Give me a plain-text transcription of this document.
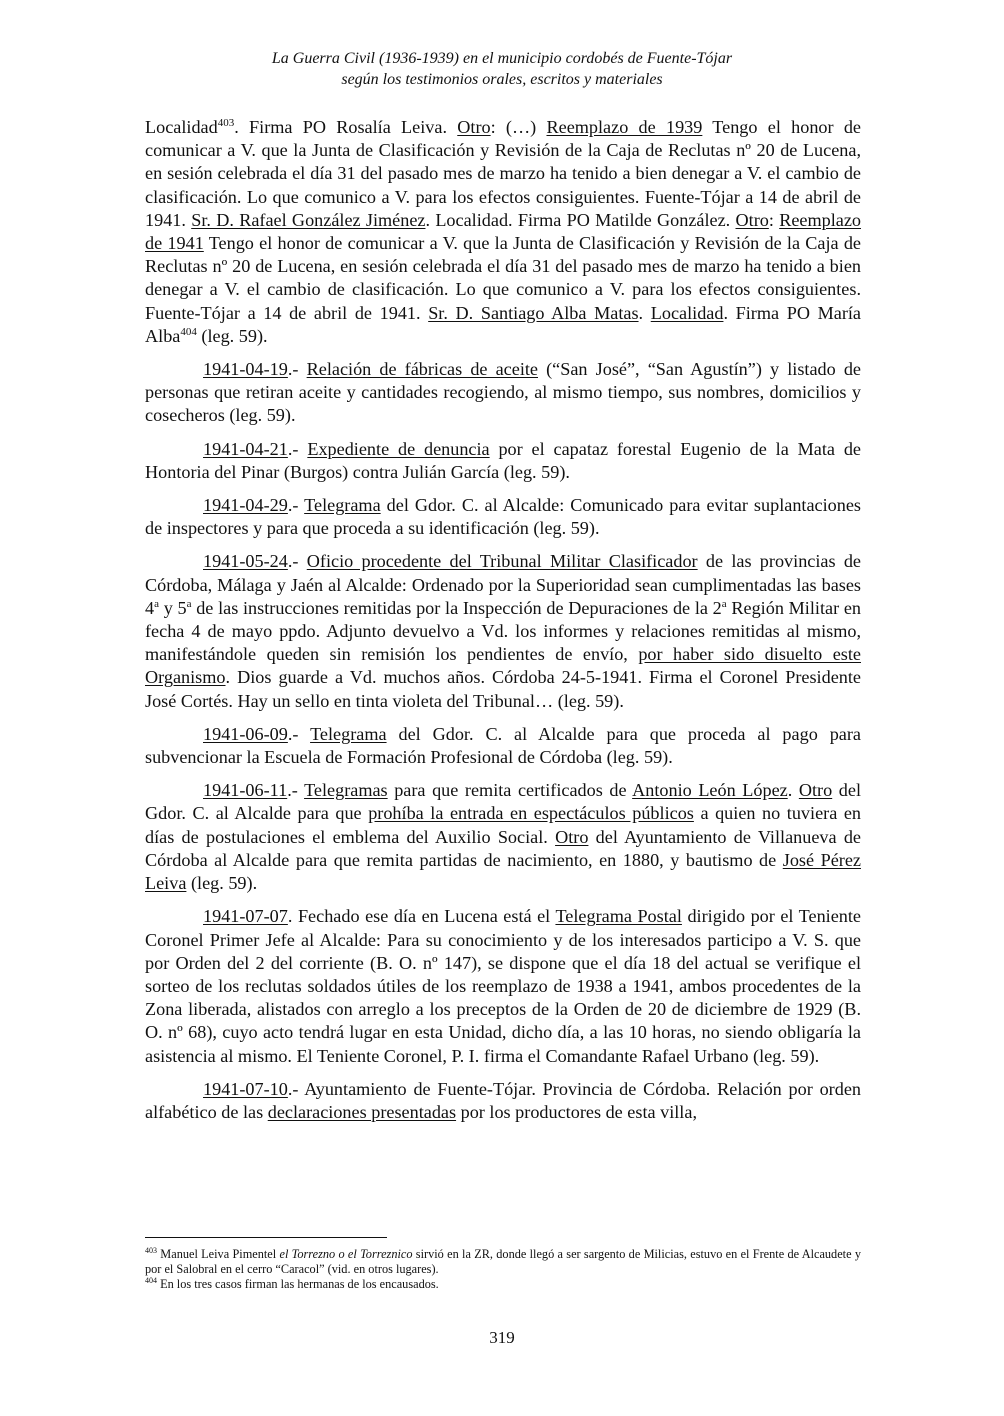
La Guerra Civil (1936-1939) en el municipio cordobés de Fuente-Tójar
según los testimonios orales, escritos y materiales

Localidad$^{403}$. Firma PO Rosalía Leiva. Otro: (…) Reemplazo de 1939 Tengo el honor de comunicar a V. que la Junta de Clasificación y Revisión de la Caja de Reclutas nº 20 de Lucena, en sesión celebrada el día 31 del pasado mes de marzo ha tenido a bien denegar a V. el cambio de clasificación. Lo que comunico a V. para los efectos consiguientes. Fuente-Tójar a 14 de abril de 1941. Sr. D. Rafael González Jiménez. Localidad. Firma PO Matilde González. Otro: Reemplazo de 1941 Tengo el honor de comunicar a V. que la Junta de Clasificación y Revisión de la Caja de Reclutas nº 20 de Lucena, en sesión celebrada el día 31 del pasado mes de marzo ha tenido a bien denegar a V. el cambio de clasificación. Lo que comunico a V. para los efectos consiguientes. Fuente-Tójar a 14 de abril de 1941. Sr. D. Santiago Alba Matas. Localidad. Firma PO María Alba$^{404}$ (leg. 59).

1941-04-19.- Relación de fábricas de aceite (“San José”, “San Agustín”) y listado de personas que retiran aceite y cantidades recogiendo, al mismo tiempo, sus nombres, domicilios y cosecheros (leg. 59).

1941-04-21.- Expediente de denuncia por el capataz forestal Eugenio de la Mata de Hontoria del Pinar (Burgos) contra Julián García (leg. 59).

1941-04-29.- Telegrama del Gdor. C. al Alcalde: Comunicado para evitar suplantaciones de inspectores y para que proceda a su identificación (leg. 59).

1941-05-24.- Oficio procedente del Tribunal Militar Clasificador de las provincias de Córdoba, Málaga y Jaén al Alcalde: Ordenado por la Superioridad sean cumplimentadas las bases 4$^a$ y 5$^a$ de las instrucciones remitidas por la Inspección de Depuraciones de la 2$^a$ Región Militar en fecha 4 de mayo ppdo. Adjunto devuelvo a Vd. los informes y relaciones remitidas al mismo, manifestándole queden sin remisión los pendientes de envío, por haber sido disuelto este Organismo. Dios guarde a Vd. muchos años. Córdoba 24-5-1941. Firma el Coronel Presidente José Cortés. Hay un sello en tinta violeta del Tribunal… (leg. 59).

1941-06-09.- Telegrama del Gdor. C. al Alcalde para que proceda al pago para subvencionar la Escuela de Formación Profesional de Córdoba (leg. 59).

1941-06-11.- Telegramas para que remita certificados de Antonio León López. Otro del Gdor. C. al Alcalde para que prohíba la entrada en espectáculos públicos a quien no tuviera en días de postulaciones el emblema del Auxilio Social. Otro del Ayuntamiento de Villanueva de Córdoba al Alcalde para que remita partidas de nacimiento, en 1880, y bautismo de José Pérez Leiva (leg. 59).

1941-07-07. Fechado ese día en Lucena está el Telegrama Postal dirigido por el Teniente Coronel Primer Jefe al Alcalde: Para su conocimiento y de los interesados participo a V. S. que por Orden del 2 del corriente (B. O. nº 147), se dispone que el día 18 del actual se verifique el sorteo de los reclutas soldados útiles de los reemplazo de 1938 a 1941, ambos procedentes de la Zona liberada, alistados con arreglo a los preceptos de la Orden de 20 de diciembre de 1929 (B. O. nº 68), cuyo acto tendrá lugar en esta Unidad, dicho día, a las 10 horas, no siendo obligaría la asistencia al mismo. El Teniente Coronel, P. I. firma el Comandante Rafael Urbano (leg. 59).

1941-07-10.- Ayuntamiento de Fuente-Tójar. Provincia de Córdoba. Relación por orden alfabético de las declaraciones presentadas por los productores de esta villa,

$^{403}$ Manuel Leiva Pimentel el Torrezno o el Torreznico sirvió en la ZR, donde llegó a ser sargento de Milicias, estuvo en el Frente de Alcaudete y por el Salobral en el cerro “Caracol” (vid. en otros lugares).

$^{404}$ En los tres casos firman las hermanas de los encausados.

319
